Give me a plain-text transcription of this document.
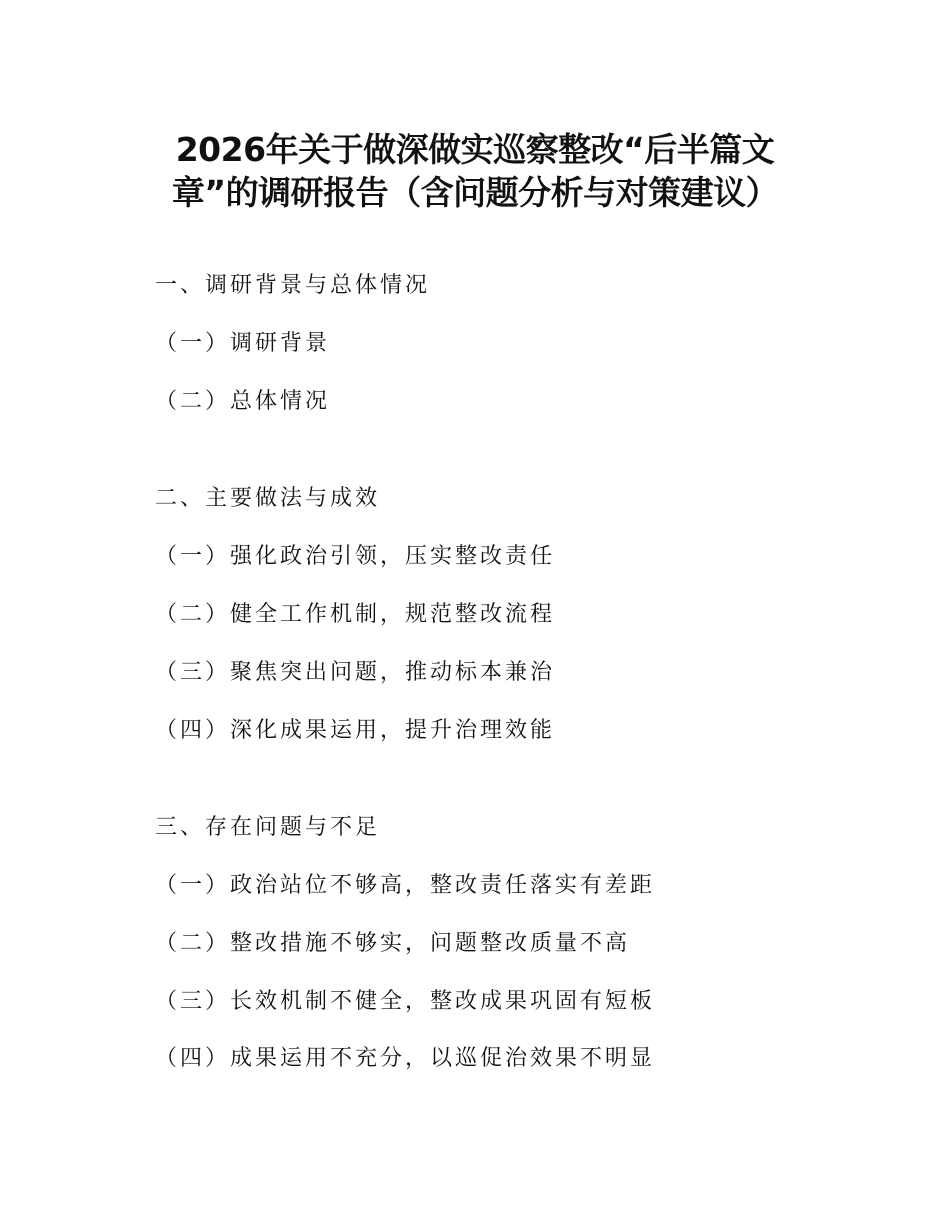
2026年关于做深做实巡察整改“后半篇文
章”的调研报告（含问题分析与对策建议）

一、调研背景与总体情况

（一）调研背景

（二）总体情况

二、主要做法与成效

（一）强化政治引领，压实整改责任

（二）健全工作机制，规范整改流程

（三）聚焦突出问题，推动标本兼治

（四）深化成果运用，提升治理效能

三、存在问题与不足

（一）政治站位不够高，整改责任落实有差距

（二）整改措施不够实，问题整改质量不高

（三）长效机制不健全，整改成果巩固有短板

（四）成果运用不充分，以巡促治效果不明显
